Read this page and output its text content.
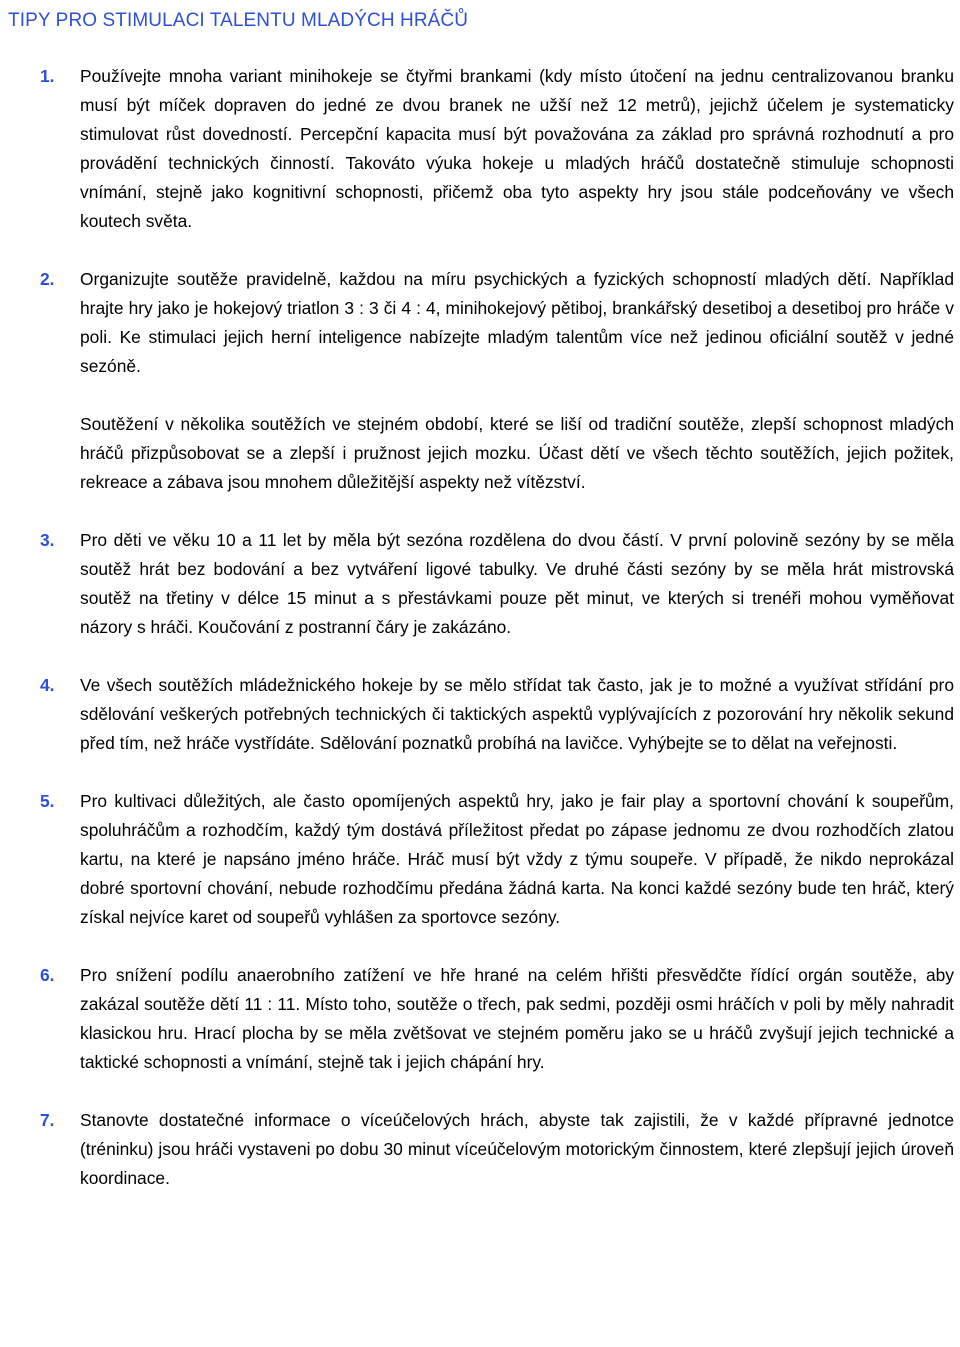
TIPY PRO STIMULACI TALENTU MLADÝCH HRÁČŮ
1.	Používejte mnoha variant minihokeje se čtyřmi brankami (kdy místo útočení na jednu centralizovanou branku musí být míček dopraven do jedné ze dvou branek ne užší než 12 metrů), jejichž účelem je systematicky stimulovat růst dovedností. Percepční kapacita musí být považována za základ pro správná rozhodnutí a pro provádění technických činností. Takováto výuka hokeje u mladých hráčů dostatečně stimuluje schopnosti vnímání, stejně jako kognitivní schopnosti, přičemž oba tyto aspekty hry jsou stále podceňovány ve všech koutech světa.

2.	Organizujte soutěže pravidelně, každou na míru psychických a fyzických schopností mladých dětí. Například hrajte hry jako je hokejový triatlon 3 : 3 či 4 : 4, minihokejový pětiboj, brankářský desetiboj a desetiboj pro hráče v poli. Ke stimulaci jejich herní inteligence nabízejte mladým talentům více než jedinou oficiální soutěž v jedné sezóně.

Soutěžení v několika soutěžích ve stejném období, které se liší od tradiční soutěže, zlepší schopnost mladých hráčů přizpůsobovat se a zlepší i pružnost jejich mozku. Účast dětí ve všech těchto soutěžích, jejich požitek, rekreace a zábava jsou mnohem důležitější aspekty než vítězství.

3.	Pro děti ve věku 10 a 11 let by měla být sezóna rozdělena do dvou částí. V první polovině sezóny by se měla soutěž hrát bez bodování a bez vytváření ligové tabulky. Ve druhé části sezóny by se měla hrát mistrovská soutěž na třetiny v délce 15 minut a s přestávkami pouze pět minut, ve kterých si trenéři mohou vyměňovat názory s hráči. Koučování z postranní čáry je zakázáno.

4.	Ve všech soutěžích mládežnického hokeje by se mělo střídat tak často, jak je to možné a využívat střídání pro sdělování veškerých potřebných technických či taktických aspektů vyplývajících z pozorování hry několik sekund před tím, než hráče vystřídáte. Sdělování poznatků probíhá na lavičce. Vyhýbejte se to dělat na veřejnosti.

5.	Pro kultivaci důležitých, ale často opomíjených aspektů hry, jako je fair play a sportovní chování k soupeřům, spoluhráčům a rozhodčím, každý tým dostává příležitost předat po zápase jednomu ze dvou rozhodčích zlatou kartu, na které je napsáno jméno hráče. Hráč musí být vždy z týmu soupeře. V případě, že nikdo neprokázal dobré sportovní chování, nebude rozhodčímu předána žádná karta. Na konci každé sezóny bude ten hráč, který získal nejvíce karet od soupeřů vyhlášen za sportovce sezóny.

6.	Pro snížení podílu anaerobního zatížení ve hře hrané na celém hřišti přesvědčte řídící orgán soutěže, aby zakázal soutěže dětí 11 : 11. Místo toho, soutěže o třech, pak sedmi, později osmi hráčích v poli by měly nahradit klasickou hru. Hrací plocha by se měla zvětšovat ve stejném poměru jako se u hráčů zvyšují jejich technické a taktické schopnosti a vnímání, stejně tak i jejich chápání hry.

7.	Stanovte dostatečné informace o víceúčelových hrách, abyste tak zajistili, že v každé přípravné jednotce (tréninku) jsou hráči vystaveni po dobu 30 minut víceúčelovým motorickým činnostem, které zlepšují jejich úroveň koordinace.
